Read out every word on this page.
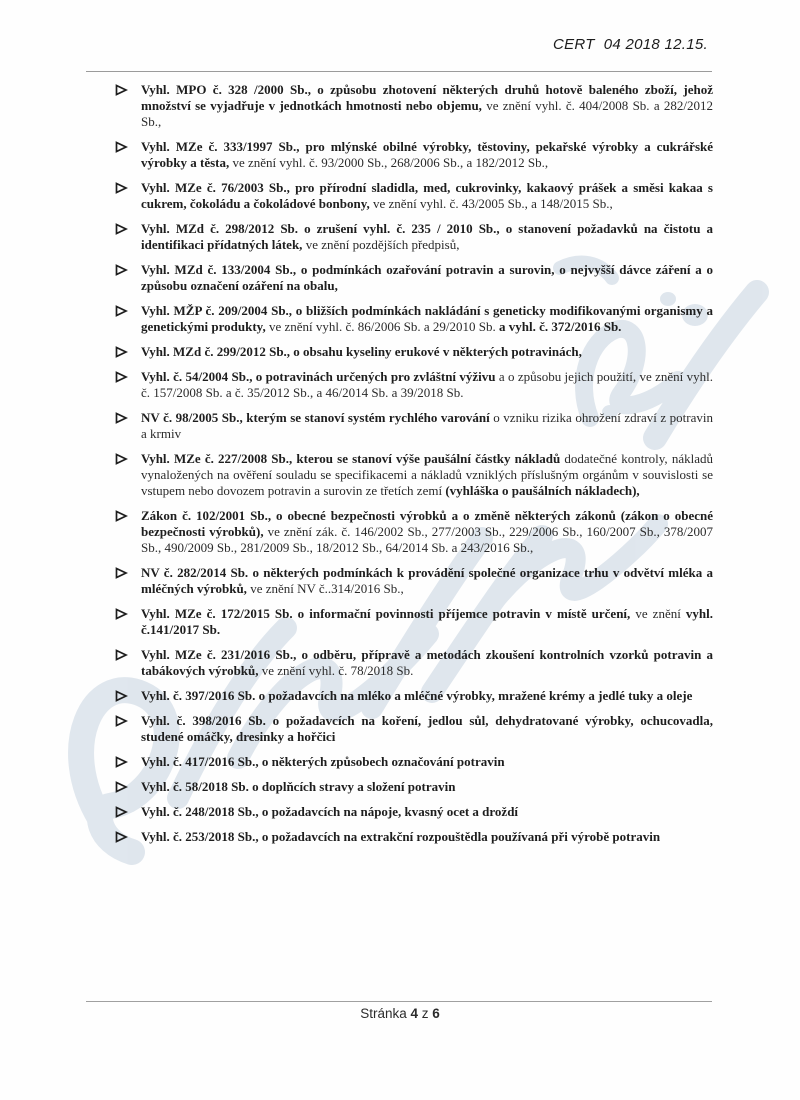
CERT  04 2018 12.15.
Vyhl. MPO č. 328 /2000 Sb., o způsobu zhotovení některých druhů hotově baleného zboží, jehož množství se vyjadřuje v jednotkách hmotnosti nebo objemu, ve znění vyhl. č. 404/2008 Sb. a 282/2012 Sb.,
Vyhl. MZe č. 333/1997 Sb., pro mlýnské obilné výrobky, těstoviny, pekařské výrobky a cukrářské výrobky a těsta, ve znění vyhl. č. 93/2000 Sb., 268/2006 Sb., a 182/2012 Sb.,
Vyhl. MZe č. 76/2003 Sb., pro přírodní sladidla, med, cukrovinky, kakaový prášek a směsi kakaa s cukrem, čokoládu a čokoládové bonbony, ve znění vyhl. č. 43/2005 Sb., a 148/2015 Sb.,
Vyhl. MZd č. 298/2012 Sb. o zrušení vyhl. č. 235 / 2010 Sb., o stanovení požadavků na čistotu a identifikaci přídatných látek, ve znění pozdějších předpisů,
Vyhl. MZd č. 133/2004 Sb., o podmínkách ozařování potravin a surovin, o nejvyšší dávce záření a o způsobu označení ozáření na obalu,
Vyhl. MŽP č. 209/2004 Sb., o bližších podmínkách nakládání s geneticky modifikovanými organismy a genetickými produkty, ve znění vyhl. č. 86/2006 Sb. a 29/2010 Sb. a vyhl. č. 372/2016 Sb.
Vyhl. MZd č. 299/2012 Sb., o obsahu kyseliny erukové v některých potravinách,
Vyhl. č. 54/2004 Sb., o potravinách určených pro zvláštní výživu a o způsobu jejich použití, ve znění vyhl. č. 157/2008 Sb. a č. 35/2012 Sb., a 46/2014 Sb. a 39/2018 Sb.
NV č. 98/2005 Sb., kterým se stanoví systém rychlého varování o vzniku rizika ohrožení zdraví z potravin a krmiv
Vyhl. MZe č. 227/2008 Sb., kterou se stanoví výše paušální částky nákladů dodatečné kontroly, nákladů vynaložených na ověření souladu se specifikacemi a nákladů vzniklých příslušným orgánům v souvislosti se vstupem nebo dovozem potravin a surovin ze třetích zemí (vyhláška o paušálních nákladech),
Zákon č. 102/2001 Sb., o obecné bezpečnosti výrobků a o změně některých zákonů (zákon o obecné bezpečnosti výrobků), ve znění zák. č. 146/2002 Sb., 277/2003 Sb., 229/2006 Sb., 160/2007 Sb., 378/2007 Sb., 490/2009 Sb., 281/2009 Sb., 18/2012 Sb., 64/2014 Sb. a 243/2016 Sb.,
NV č. 282/2014 Sb. o některých podmínkách k provádění společné organizace trhu v odvětví mléka a mléčných výrobků, ve znění NV č..314/2016 Sb.,
Vyhl. MZe č. 172/2015 Sb. o informační povinnosti příjemce potravin v místě určení, ve znění vyhl. č.141/2017 Sb.
Vyhl. MZe č. 231/2016 Sb., o odběru, přípravě a metodách zkoušení kontrolních vzorků potravin a tabákových výrobků, ve znění vyhl. č. 78/2018 Sb.
Vyhl. č. 397/2016 Sb. o požadavcích na mléko a mléčné výrobky, mražené krémy a jedlé tuky a oleje
Vyhl. č. 398/2016 Sb. o požadavcích na koření, jedlou sůl, dehydratované výrobky, ochucovadla, studené omáčky, dresinky a hořčici
Vyhl. č. 417/2016 Sb., o některých způsobech označování potravin
Vyhl. č. 58/2018 Sb. o doplňcích stravy a složení potravin
Vyhl. č. 248/2018 Sb., o požadavcích na nápoje, kvasný ocet a droždí
Vyhl. č. 253/2018 Sb., o požadavcích na extrakční rozpouštědla používaná při výrobě potravin
Stránka 4 z 6
